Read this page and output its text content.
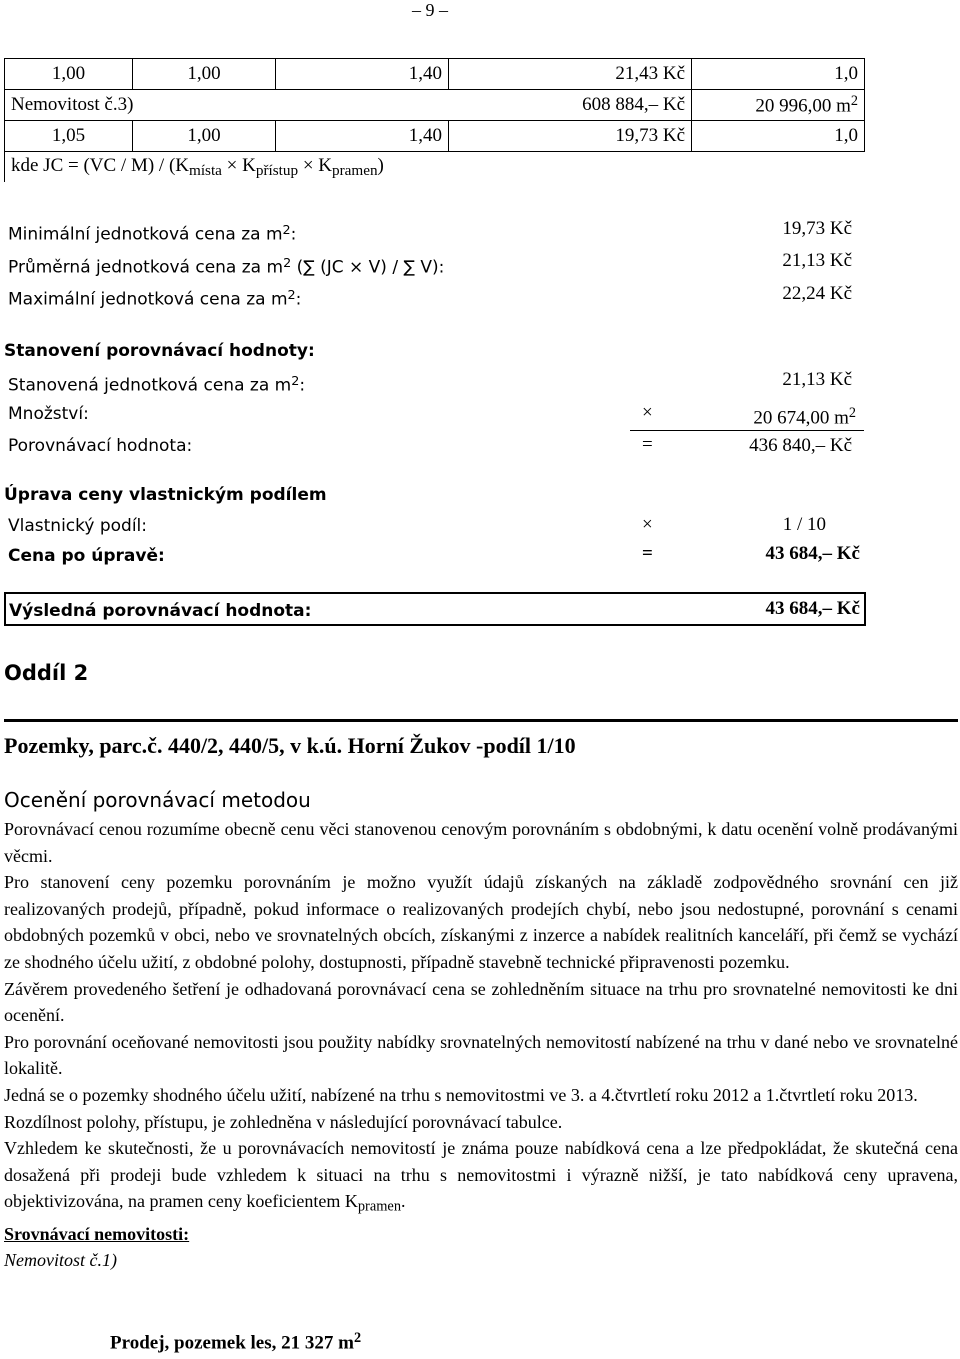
– 9 –
1,00	1,00	1,40	21,43 Kč	1,0
Nemovitost č.3)			608 884,– Kč	20 996,00 $m^2$
1,05	1,00	1,40	19,73 Kč	1,0
kde JC = $(VC / M) / (K_{místa} \times K_{přístup} \times K_{pramen})$				
Minimální jednotková cena za $m^2$:	19,73 Kč
Průměrná jednotková cena za $m^2$ (∑ (JC × V) / ∑ V):	21,13 Kč
Maximální jednotková cena za $m^2$:	22,24 Kč
Stanovení porovnávací hodnoty:
Stanovená jednotková cena za $m^2$:	21,13 Kč
Množství:	×	20 674,00 $m^2$
Porovnávací hodnota:	=	436 840,– Kč
Úprava ceny vlastnickým podílem
Vlastnický podíl:	×	1 / 10
Cena po úpravě:	=	43 684,– Kč
Výsledná porovnávací hodnota:	43 684,– Kč
Oddíl 2
Pozemky, parc.č. 440/2, 440/5, v k.ú. Horní Žukov -podíl 1/10
Ocenění porovnávací metodou

Porovnávací cenou rozumíme obecně cenu věci stanovenou cenovým porovnáním s obdobnými, k datu ocenění volně prodávanými věcmi.

Pro stanovení ceny pozemku porovnáním je možno využít údajů získaných na základě zodpovědného srovnání cen již realizovaných prodejů, případně, pokud informace o realizovaných prodejích chybí, nebo jsou nedostupné, porovnání s cenami obdobných pozemků v obci, nebo ve srovnatelných obcích, získanými z inzerce a nabídek realitních kanceláří, při čemž se vychází ze shodného účelu užití, z obdobné polohy, dostupnosti, případně stavebně technické připravenosti pozemku.

Závěrem provedeného šetření je odhadovaná porovnávací cena se zohledněním situace na trhu pro srovnatelné nemovitosti ke dni ocenění.

Pro porovnání oceňované nemovitosti jsou použity nabídky srovnatelných nemovitostí nabízené na trhu v dané nebo ve srovnatelné lokalitě.

Jedná se o pozemky shodného účelu užití, nabízené na trhu s nemovitostmi ve 3. a 4.čtvrtletí roku 2012 a 1.čtvrtletí roku 2013.

Rozdílnost polohy, přístupu, je zohledněna v následující porovnávací tabulce.

Vzhledem ke skutečnosti, že u porovnávacích nemovitostí je známa pouze nabídková cena a lze předpokládat, že skutečná cena dosažená při prodeji bude vzhledem k situaci na trhu s nemovitostmi i výrazně nižší, je tato nabídková ceny upravena, objektivizována, na pramen ceny koeficientem $K_{pramen}$.

Srovnávací nemovitosti:

Nemovitost č.1)

Prodej, pozemek les, 21 327 $m^2$
